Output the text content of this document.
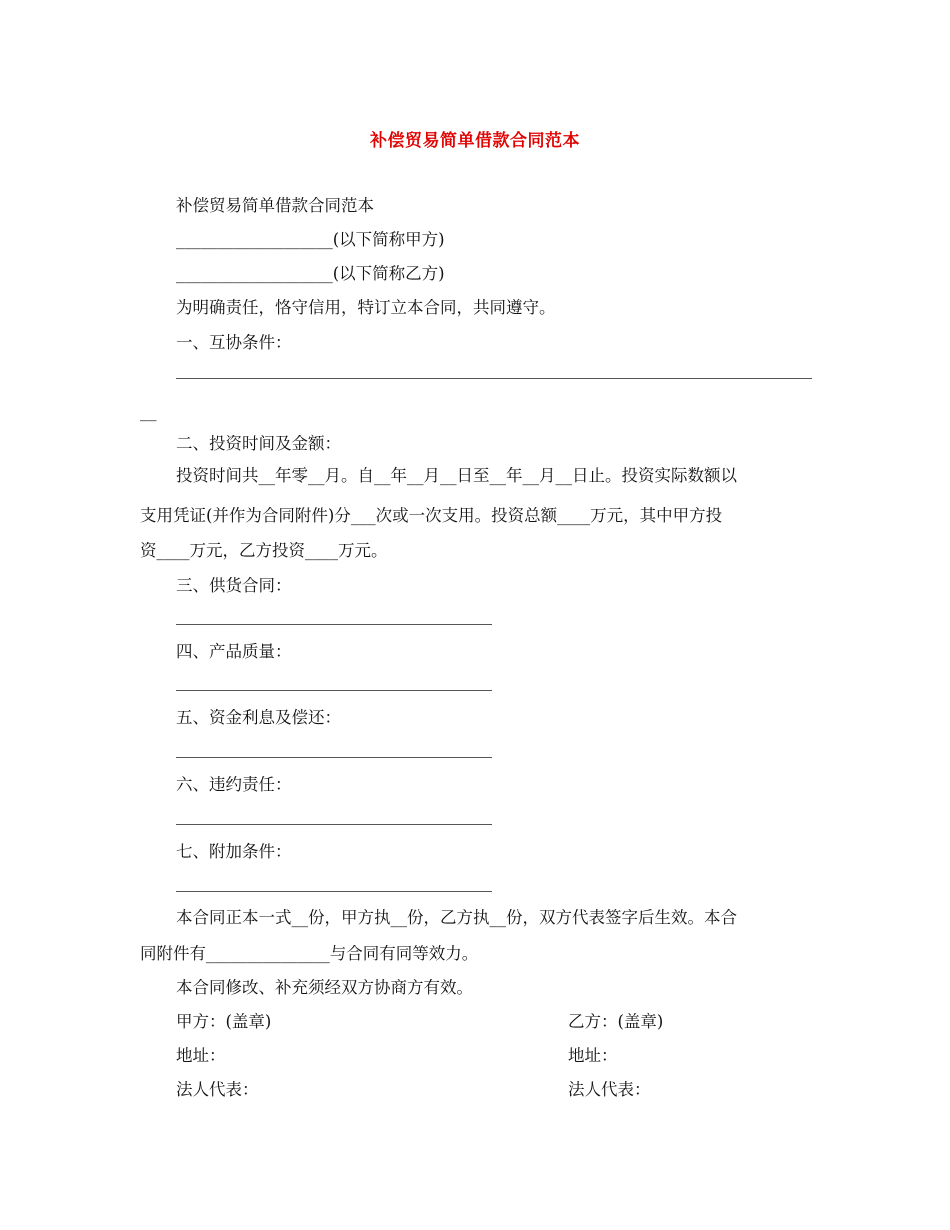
补偿贸易简单借款合同范本
补偿贸易简单借款合同范本
___________________(以下简称甲方)
___________________(以下简称乙方)
为明确责任，恪守信用，特订立本合同，共同遵守。
一、互协条件：
__
二、投资时间及金额：
投资时间共__年零__月。自__年__月__日至__年__月__日止。投资实际数额以
支用凭证(并作为合同附件)分___次或一次支用。投资总额____万元，其中甲方投
资____万元，乙方投资____万元。
三、供货合同：
四、产品质量：
五、资金利息及偿还：
六、违约责任：
七、附加条件：
本合同正本一式__份，甲方执__份，乙方执__份，双方代表签字后生效。本合
同附件有_______________与合同有同等效力。
本合同修改、补充须经双方协商方有效。
甲方：(盖章)	乙方：(盖章)
地址：	地址：
法人代表：	法人代表：
